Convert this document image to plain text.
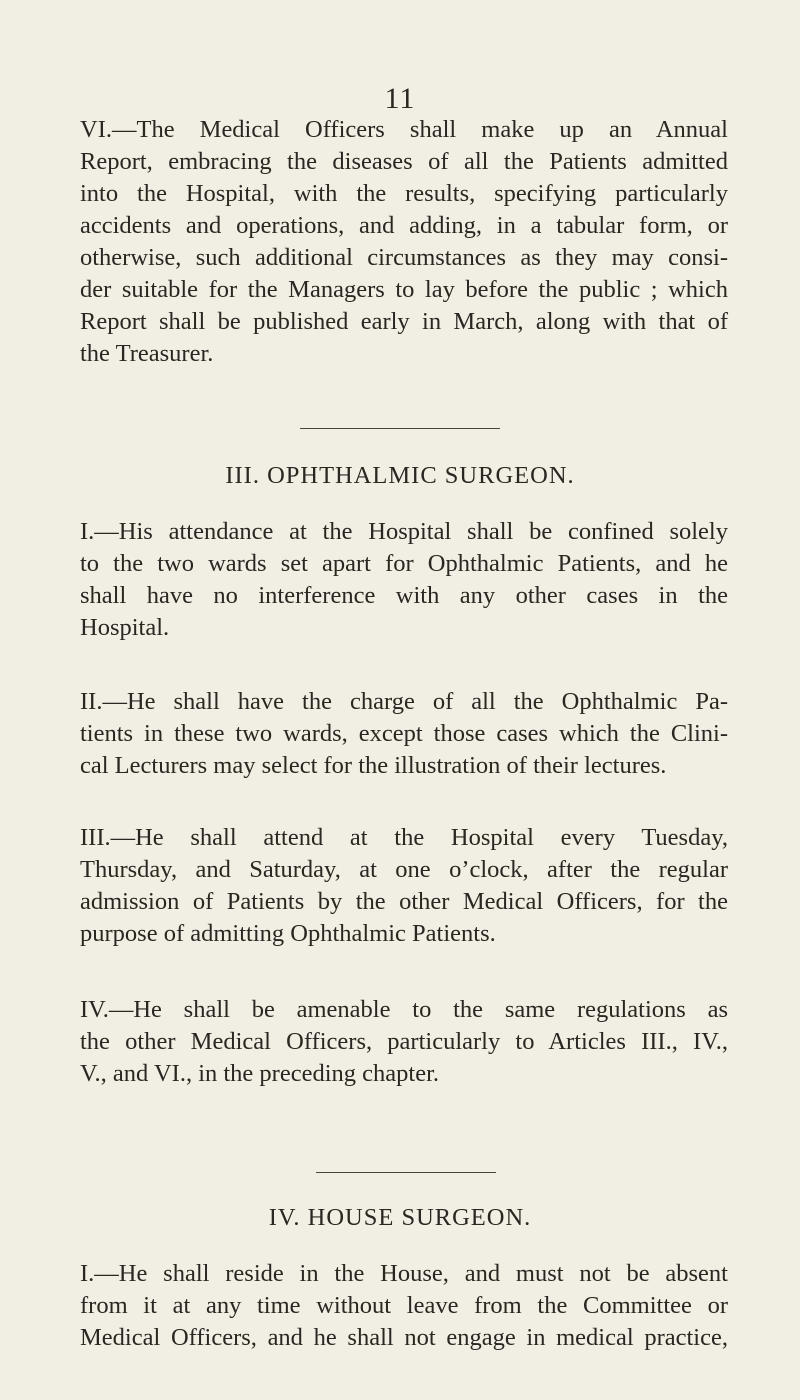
11

VI.—The Medical Officers shall make up an Annual
Report, embracing the diseases of all the Patients admitted
into the Hospital, with the results, specifying particularly
accidents and operations, and adding, in a tabular form, or
otherwise, such additional circumstances as they may consi-
der suitable for the Managers to lay before the public ; which
Report shall be published early in March, along with that of
the Treasurer.

III. OPHTHALMIC SURGEON.

I.—His attendance at the Hospital shall be confined solely
to the two wards set apart for Ophthalmic Patients, and he
shall have no interference with any other cases in the
Hospital.

II.—He shall have the charge of all the Ophthalmic Pa-
tients in these two wards, except those cases which the Clini-
cal Lecturers may select for the illustration of their lectures.

III.—He shall attend at the Hospital every Tuesday,
Thursday, and Saturday, at one o’clock, after the regular
admission of Patients by the other Medical Officers, for the
purpose of admitting Ophthalmic Patients.

IV.—He shall be amenable to the same regulations as
the other Medical Officers, particularly to Articles III., IV.,
V., and VI., in the preceding chapter.

IV. HOUSE SURGEON.

I.—He shall reside in the House, and must not be absent
from it at any time without leave from the Committee or
Medical Officers, and he shall not engage in medical practice,
